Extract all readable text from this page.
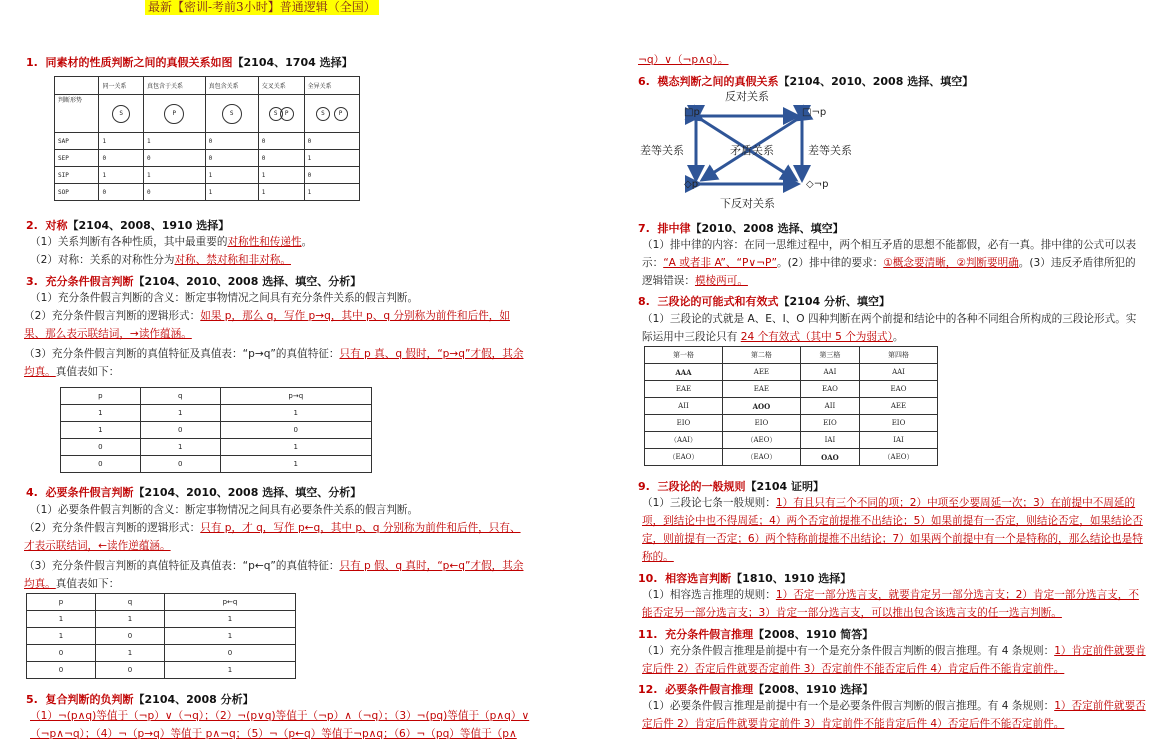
最新【密训-考前3小时】普通逻辑（全国）
1. 同素材的性质判断之间的真假关系如图【2104、1704 选择】
	同一关系	真包含于关系	真包含关系	交叉关系	全异关系
判断形势	S	P	S	S P	S P
SAP	1	1	0	0	0
SEP	0	0	0	0	1
SIP	1	1	1	1	0
SOP	0	0	1	1	1
2. 对称【2104、2008、1910 选择】
（1）关系判断有各种性质，其中最重要的对称性和传递性。
（2）对称：关系的对称性分为对称、禁对称和非对称。
3. 充分条件假言判断【2104、2010、2008 选择、填空、分析】
（1）充分条件假言判断的含义：断定事物情况之间具有充分条件关系的假言判断。
（2）充分条件假言判断的逻辑形式：如果 p，那么 q，写作 p→q，其中 p、q 分别称为前件和后件，如果、那么表示联结词，→读作蕴涵。
（3）充分条件假言判断的真值特征及真值表：“p→q”的真值特征：只有 p 真、q 假时，“p→q”才假，其余均真。真值表如下：
p	q	p→q
1	1	1
1	0	0
0	1	1
0	0	1
4. 必要条件假言判断【2104、2010、2008 选择、填空、分析】
（1）必要条件假言判断的含义：断定事物情况之间具有必要条件关系的假言判断。
（2）充分条件假言判断的逻辑形式：只有 p，才 q，写作 p←q，其中 p、q 分别称为前件和后件，只有、才表示联结词，←读作逆蕴涵。
（3）充分条件假言判断的真值特征及真值表：“p←q”的真值特征：只有 p 假、q 真时，“p←q”才假，其余均真。真值表如下：
p	q	p←q
1	1	1
1	0	1
0	1	0
0	0	1
5. 复合判断的负判断【2104、2008 分析】
（1）¬(p∧q)等值于（¬p）∨（¬q）；（2）¬(p∨q)等值于（¬p）∧（¬q）；（3）¬(pq)等值于（p∧q）∨（¬p∧¬q）；（4）¬（p→q）等值于 p∧¬q；（5）¬（p←q）等值于¬p∧q；（6）¬（pq）等值于（p∧
¬q）∨（¬p∧q）。
6. 模态判断之间的真假关系【2104、2010、2008 选择、填空】
反对关系
下反对关系
差等关系	差等关系
矛盾关系
□p	□¬p
◇p	◇¬p
7. 排中律【2010、2008 选择、填空】
（1）排中律的内容：在同一思维过程中，两个相互矛盾的思想不能都假，必有一真。排中律的公式可以表示：“A 或者非 A”、“P∨¬P”。(2）排中律的要求：①概念要清晰，②判断要明确。(3）违反矛盾律所犯的逻辑错误：模棱两可。
8. 三段论的可能式和有效式【2104 分析、填空】
（1）三段论的式就是 A、E、I、O 四种判断在两个前提和结论中的各种不同组合所构成的三段论形式。实际运用中三段论只有 24 个有效式（其中 5 个为弱式）。
第一格	第二格	第三格	第四格
AAA	AEE	AAI	AAI
EAE	EAE	EAO	EAO
AII	AOO	AII	AEE
EIO	EIO	EIO	EIO
（AAI）	（AEO）	IAI	IAI
（EAO）	（EAO）	OAO	（AEO）
9. 三段论的一般规则【2104 证明】
（1）三段论七条一般规则：1）有且只有三个不同的项；2）中项至少要周延一次；3）在前提中不周延的项，到结论中也不得周延；4）两个否定前提推不出结论；5）如果前提有一否定，则结论否定，如果结论否定，则前提有一否定；6）两个特称前提推不出结论；7）如果两个前提中有一个是特称的，那么结论也是特称的。
10. 相容选言判断【1810、1910 选择】
（1）相容选言推理的规则：1）否定一部分选言支，就要肯定另一部分选言支；2）肯定一部分选言支，不能否定另一部分选言支；3）肯定一部分选言支，可以推出包含该选言支的任一选言判断。
11. 充分条件假言推理【2008、1910 简答】
（1）充分条件假言推理是前提中有一个是充分条件假言判断的假言推理。有 4 条规则：1）肯定前件就要肯定后件 2）否定后件就要否定前件 3）否定前件不能否定后件 4）肯定后件不能肯定前件。
12. 必要条件假言推理【2008、1910 选择】
（1）必要条件假言推理是前提中有一个是必要条件假言判断的假言推理。有 4 条规则：1）否定前件就要否定后件 2）肯定后件就要肯定前件 3）肯定前件不能肯定后件 4）否定后件不能否定前件。
